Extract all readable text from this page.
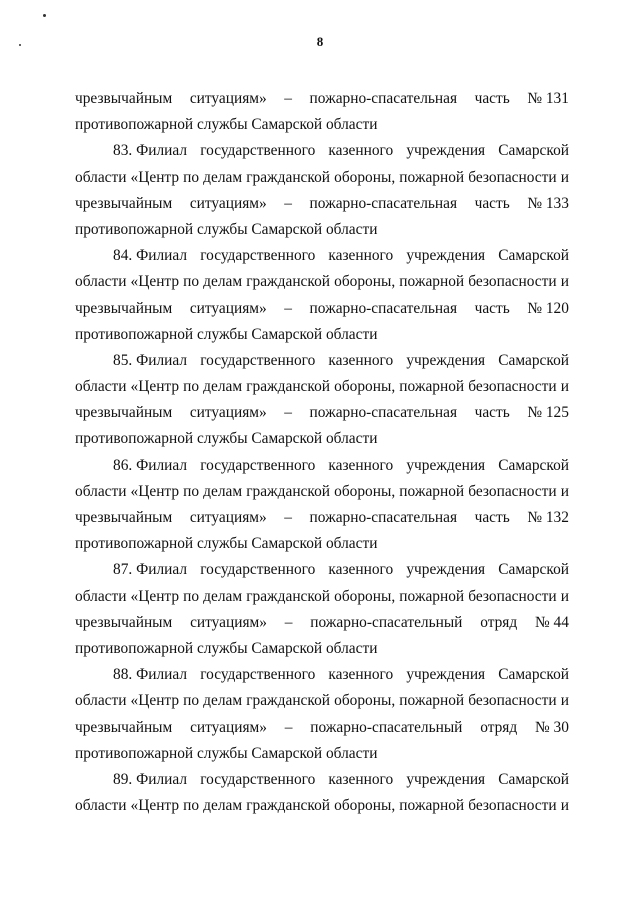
8
чрезвычайным ситуациям» – пожарно-спасательная часть № 131
противопожарной службы Самарской области
83. Филиал государственного казенного учреждения Самарской
области «Центр по делам гражданской обороны, пожарной безопасности и
чрезвычайным ситуациям» – пожарно-спасательная часть № 133
противопожарной службы Самарской области
84. Филиал государственного казенного учреждения Самарской
области «Центр по делам гражданской обороны, пожарной безопасности и
чрезвычайным ситуациям» – пожарно-спасательная часть № 120
противопожарной службы Самарской области
85. Филиал государственного казенного учреждения Самарской
области «Центр по делам гражданской обороны, пожарной безопасности и
чрезвычайным ситуациям» – пожарно-спасательная часть № 125
противопожарной службы Самарской области
86. Филиал государственного казенного учреждения Самарской
области «Центр по делам гражданской обороны, пожарной безопасности и
чрезвычайным ситуациям» – пожарно-спасательная часть № 132
противопожарной службы Самарской области
87. Филиал государственного казенного учреждения Самарской
области «Центр по делам гражданской обороны, пожарной безопасности и
чрезвычайным ситуациям» – пожарно-спасательный отряд № 44
противопожарной службы Самарской области
88. Филиал государственного казенного учреждения Самарской
области «Центр по делам гражданской обороны, пожарной безопасности и
чрезвычайным ситуациям» – пожарно-спасательный отряд № 30
противопожарной службы Самарской области
89. Филиал государственного казенного учреждения Самарской
области «Центр по делам гражданской обороны, пожарной безопасности и
